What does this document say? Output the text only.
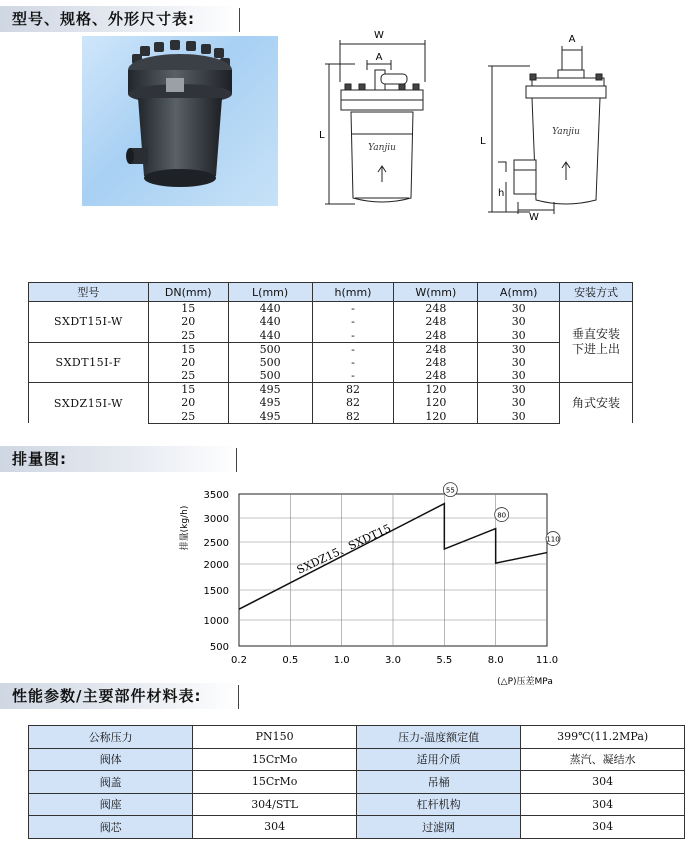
型号、规格、外形尺寸表:
W
A
L
Yanjiu
A
L
h
W
Yanjiu
型号	DN(mm)	L(mm)	h(mm)	W(mm)	A(mm)	安装方式
SXDT15I-W	15	440	-	248	30	垂直安装
下进上出

	20	440	-	248	30	
	25	440	-	248	30	
SXDT15I-F	15	500	-	248	30	
	20	500	-	248	30	
	25	500	-	248	30	
SXDZ15I-W	15	495	82	120	30	角式安装
	20	495	82	120	30	
	25	495	82	120	30	
排量图:
0.2	0.5	1.0	3.0	5.5	8.0	11.0
500
1000
1500
2000
2500
3000
3500	55
80
110
排量(kg/h)
(△P)压差MPa
SXDZ15、SXDT15
性能参数/主要部件材料表:
公称压力	PN150	压力-温度额定值	399℃(11.2MPa)
阀体	15CrMo	适用介质	蒸汽、凝结水
阀盖	15CrMo	吊桶	304
阀座	304/STL	杠杆机构	304
阀芯	304	过滤网	304
